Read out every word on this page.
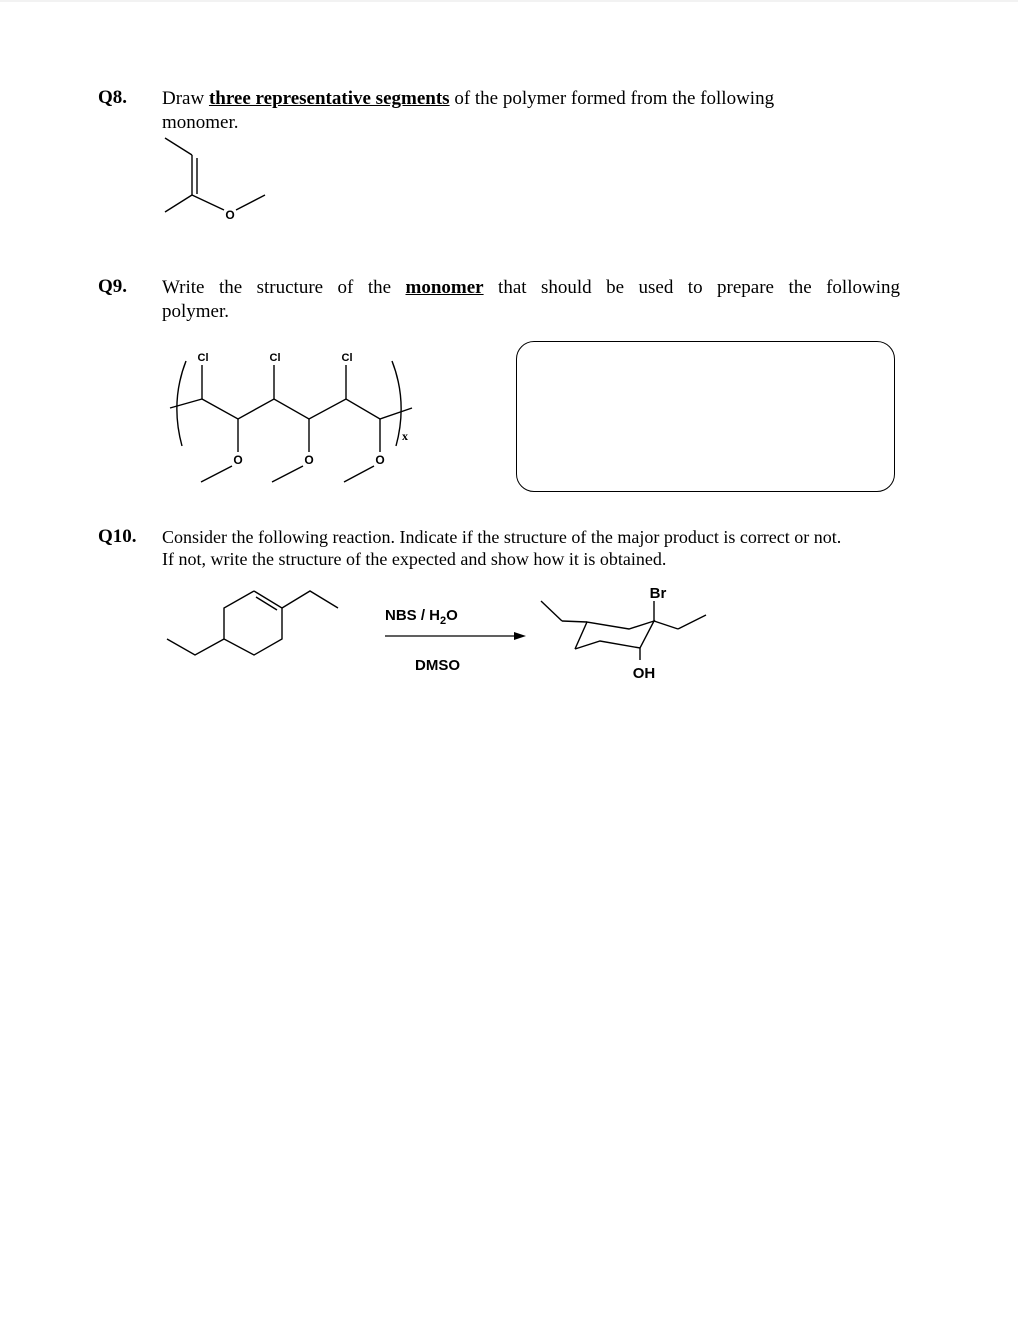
Q8. Draw three representative segments of the polymer formed from the following
monomer.
O
Q9. Write the structure of the monomer that should be used to prepare the following
polymer.
Cl	Cl	Cl
O	O	O
x
Q10. Consider the following reaction. Indicate if the structure of the major product is correct or not.
If not, write the structure of the expected and show how it is obtained.
NBS / $H_2O$
DMSO
Br
OH
